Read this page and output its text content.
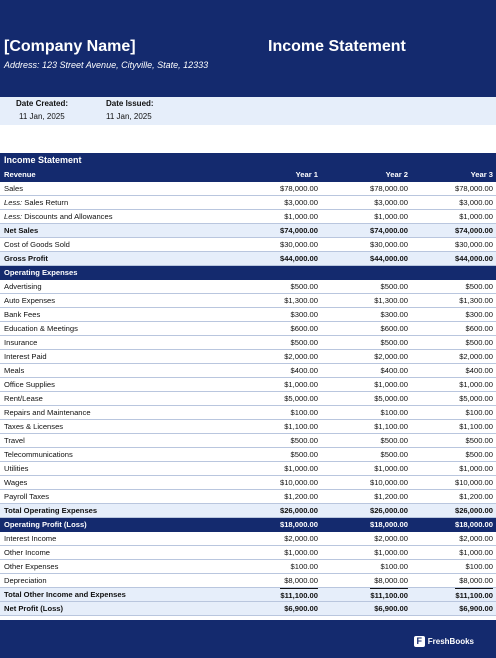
[Company Name]
Address: 123 Street Avenue, Cityville, State, 12333
Income Statement
Date Created:
11 Jan, 2025
Date Issued:
11 Jan, 2025
Income Statement
Revenue	Year 1	Year 2	Year 3
Sales	$78,000.00	$78,000.00	$78,000.00
Less: Sales Return	$3,000.00	$3,000.00	$3,000.00
Less: Discounts and Allowances	$1,000.00	$1,000.00	$1,000.00
Net Sales	$74,000.00	$74,000.00	$74,000.00
Cost of Goods Sold	$30,000.00	$30,000.00	$30,000.00
Gross Profit	$44,000.00	$44,000.00	$44,000.00
Operating Expenses
Advertising	$500.00	$500.00	$500.00
Auto Expenses	$1,300.00	$1,300.00	$1,300.00
Bank Fees	$300.00	$300.00	$300.00
Education & Meetings	$600.00	$600.00	$600.00
Insurance	$500.00	$500.00	$500.00
Interest Paid	$2,000.00	$2,000.00	$2,000.00
Meals	$400.00	$400.00	$400.00
Office Supplies	$1,000.00	$1,000.00	$1,000.00
Rent/Lease	$5,000.00	$5,000.00	$5,000.00
Repairs and Maintenance	$100.00	$100.00	$100.00
Taxes & Licenses	$1,100.00	$1,100.00	$1,100.00
Travel	$500.00	$500.00	$500.00
Telecommunications	$500.00	$500.00	$500.00
Utilities	$1,000.00	$1,000.00	$1,000.00
Wages	$10,000.00	$10,000.00	$10,000.00
Payroll Taxes	$1,200.00	$1,200.00	$1,200.00
Total Operating Expenses	$26,000.00	$26,000.00	$26,000.00
Operating Profit (Loss)	$18,000.00	$18,000.00	$18,000.00
Interest Income	$2,000.00	$2,000.00	$2,000.00
Other Income	$1,000.00	$1,000.00	$1,000.00
Other Expenses	$100.00	$100.00	$100.00
Depreciation	$8,000.00	$8,000.00	$8,000.00
Total Other Income and Expenses	$11,100.00	$11,100.00	$11,100.00
Net Profit (Loss)	$6,900.00	$6,900.00	$6,900.00
F FreshBooks
